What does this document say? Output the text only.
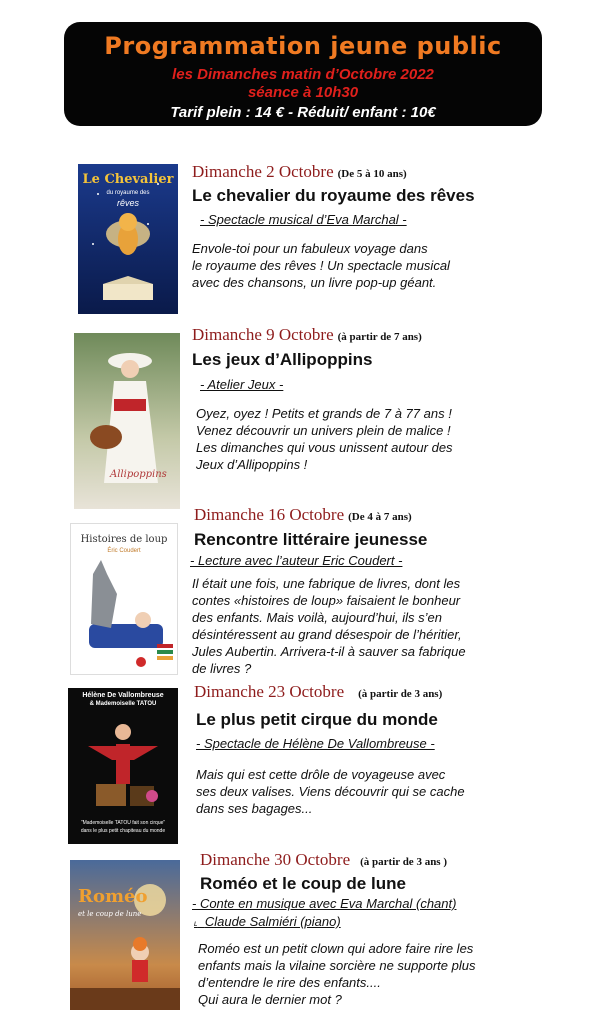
Programmation jeune public
les Dimanches matin d’Octobre 2022
séance à 10h30
Tarif plein : 14 € - Réduit/ enfant : 10€
Le Chevalier
du royaume des
rêves
Dimanche 2 Octobre (De 5 à 10 ans)
Le chevalier du royaume des rêves
- Spectacle musical d’Eva Marchal -

Envole-toi pour un fabuleux voyage dans

le royaume des rêves ! Un spectacle musical

avec des chansons, un livre pop-up géant.

Allipoppins
Dimanche 9 Octobre (à partir de 7 ans)
Les jeux d’Allipoppins
- Atelier Jeux -

Oyez, oyez ! Petits et grands de 7 à 77 ans !

Venez découvrir un univers plein de malice !

Les dimanches qui vous unissent autour des

Jeux d’Allipoppins !

Histoires de loup
Éric Coudert
Dimanche 16 Octobre (De 4 à 7 ans)
Rencontre littéraire jeunesse
- Lecture avec l’auteur Eric Coudert -

Il était une fois, une fabrique de livres, dont les

contes «histoires de loup» faisaient le bonheur

des enfants. Mais voilà, aujourd’hui, ils s’en

désintéressent au grand désespoir de l’héritier,

Jules Aubertin. Arrivera-t-il à sauver sa fabrique

de livres ?

Hélène De Vallombreuse
& Mademoiselle TATOU
"Mademoiselle TATOU fait son cirque"
dans le plus petit chapiteau du monde
Dimanche 23 Octobre (à partir de 3 ans)
Le plus petit cirque du monde
- Spectacle de Hélène De Vallombreuse -

Mais qui est cette drôle de voyageuse avec

ses deux valises. Viens découvrir qui se cache

dans ses bagages...

Roméo
et le coup de lune
Dimanche 30 Octobre (à partir de 3 ans )
Roméo et le coup de lune
- Conte en musique avec Eva Marchal (chant)
ʟ Claude Salmiéri (piano)

Roméo est un petit clown qui adore faire rire les

enfants mais la vilaine sorcière ne supporte plus

d’entendre le rire des enfants....

Qui aura le dernier mot ?
